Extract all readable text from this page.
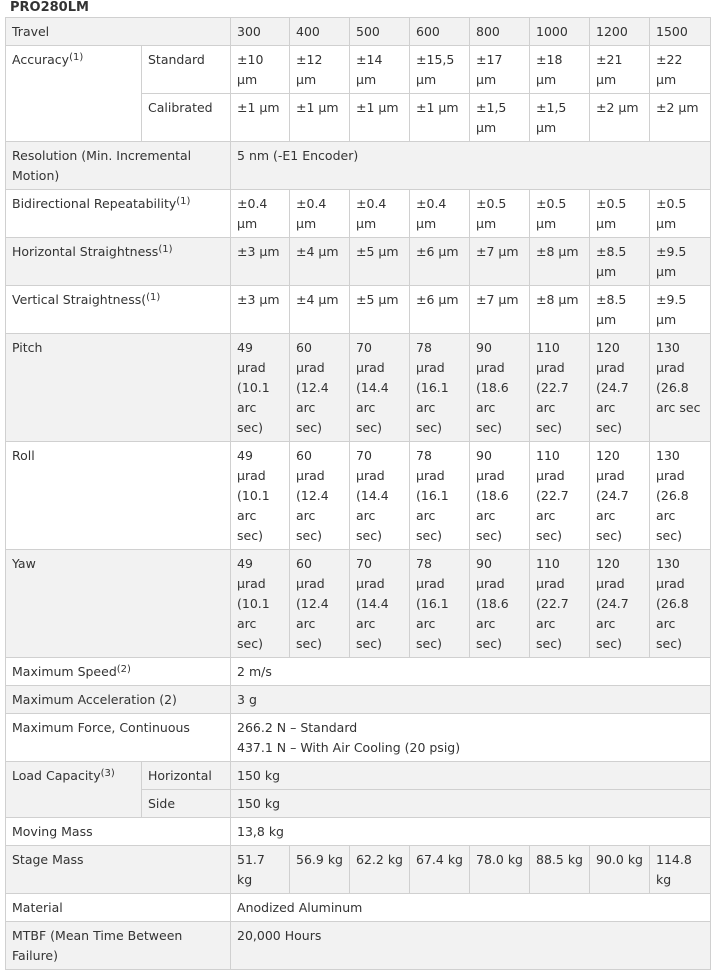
PRO280LM
Travel		300	400	500	600	800	1000	1200	1500
Accuracy$^{(1)}$	Standard	±10 µm	±12 µm	±14 µm	±15,5 µm	±17 µm	±18 µm	±21 µm	±22 µm
	Calibrated	±1 µm	±1 µm	±1 µm	±1 µm	±1,5 µm	±1,5 µm	±2 µm	±2 µm
Resolution (Min. Incremental Motion)		5 nm (-E1 Encoder)							
Bidirectional Repeatability$^{(1)}$		±0.4 µm	±0.4 µm	±0.4 µm	±0.4 µm	±0.5 µm	±0.5 µm	±0.5 µm	±0.5 µm
Horizontal Straightness$^{(1)}$		±3 µm	±4 µm	±5 µm	±6 µm	±7 µm	±8 µm	±8.5 µm	±9.5 µm
Vertical Straightness($^{(1)}$		±3 µm	±4 µm	±5 µm	±6 µm	±7 µm	±8 µm	±8.5 µm	±9.5 µm
Pitch		49 µrad (10.1 arc sec)	60 µrad (12.4 arc sec)	70 µrad (14.4 arc sec)	78 µrad (16.1 arc sec)	90 µrad (18.6 arc sec)	110 µrad (22.7 arc sec)	120 µrad (24.7 arc sec)	130 µrad (26.8 arc sec
Roll		49 µrad (10.1 arc sec)	60 µrad (12.4 arc sec)	70 µrad (14.4 arc sec)	78 µrad (16.1 arc sec)	90 µrad (18.6 arc sec)	110 µrad (22.7 arc sec)	120 µrad (24.7 arc sec)	130 µrad (26.8 arc sec)
Yaw		49 µrad (10.1 arc sec)	60 µrad (12.4 arc sec)	70 µrad (14.4 arc sec)	78 µrad (16.1 arc sec)	90 µrad (18.6 arc sec)	110 µrad (22.7 arc sec)	120 µrad (24.7 arc sec)	130 µrad (26.8 arc sec)
Maximum Speed$^{(2)}$		2 m/s							
Maximum Acceleration (2)		3 g							
Maximum Force, Continuous		266.2 N – Standard
437.1 N – With Air Cooling (20 psig)							

Load Capacity$^{(3)}$	Horizontal	150 kg							
	Side	150 kg							
Moving Mass		13,8 kg							
Stage Mass		51.7 kg	56.9 kg	62.2 kg	67.4 kg	78.0 kg	88.5 kg	90.0 kg	114.8 kg
Material		Anodized Aluminum							
MTBF (Mean Time Between Failure)		20,000 Hours							
